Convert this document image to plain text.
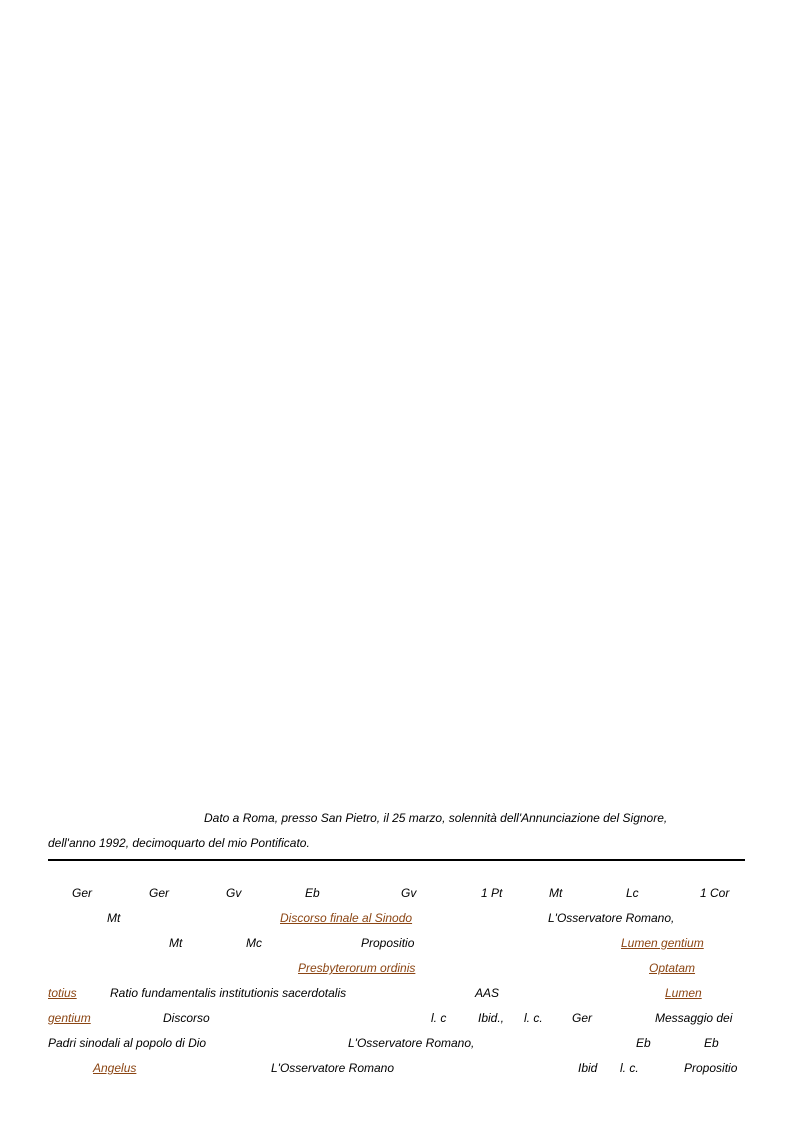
Dato a Roma, presso San Pietro, il 25 marzo, solennità dell'Annunciazione del Signore,
dell'anno 1992, decimoquarto del mio Pontificato.
Ger	Ger	Gv	Eb	Gv	1 Pt	Mt	Lc	1 Cor
Mt	Discorso finale al Sinodo	L'Osservatore Romano,
Mt	Mc	Propositio	Lumen gentium
Presbyterorum ordinis	Optatam
totius	Ratio fundamentalis institutionis sacerdotalis	AAS	Lumen
gentium	Discorso	l. c	Ibid., l. c. Ger	Messaggio dei
Padri sinodali al popolo di Dio	L'Osservatore Romano,	Eb	Eb
Angelus	L'Osservatore Romano	Ibid l. c.	Propositio
